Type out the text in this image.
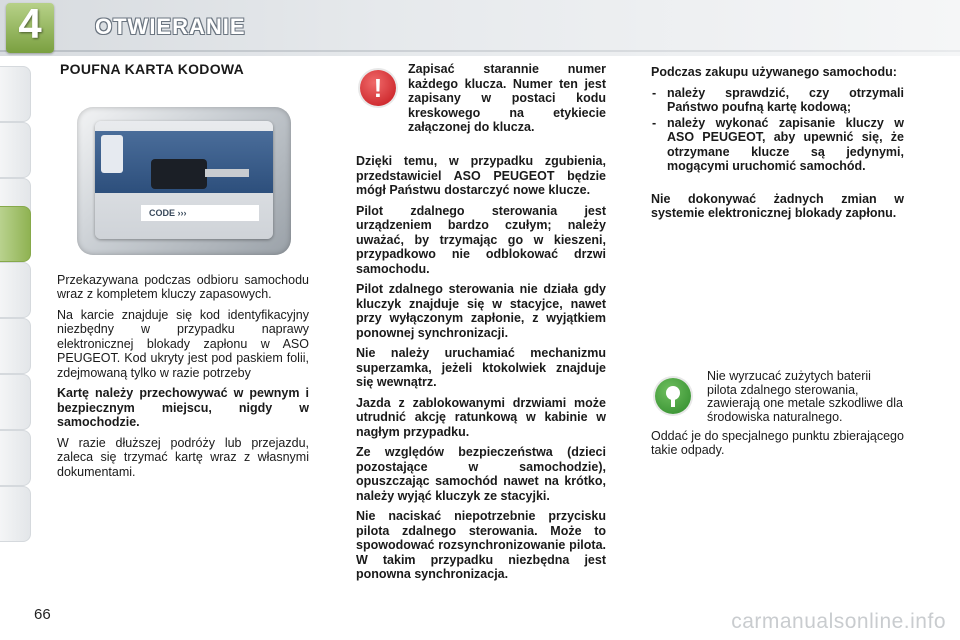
4	OTWIERANIE
POUFNA KARTA KODOWA
CODE ›››

Przekazywana podczas odbioru samochodu wraz z kompletem kluczy zapasowych.

Na karcie znajduje się kod identyfikacyjny niezbędny w przypadku naprawy elektronicznej blokady zapłonu w ASO PEUGEOT. Kod ukryty jest pod paskiem folii, zdejmowaną tylko w razie potrzeby

Kartę należy przechowywać w pewnym i bezpiecznym miejscu, nigdy w samochodzie.

W razie dłuższej podróży lub przejazdu, zaleca się trzymać kartę wraz z własnymi dokumentami.

!
Zapisać starannie numer każdego klucza. Numer ten jest zapisany w postaci kodu kreskowego na etykiecie załączonej do klucza.

Dzięki temu, w przypadku zgubienia, przedstawiciel ASO PEUGEOT będzie mógł Państwu dostarczyć nowe klucze.

Pilot zdalnego sterowania jest urządzeniem bardzo czułym; należy uważać, by trzymając go w kieszeni, przypadkowo nie odblokować drzwi samochodu.

Pilot zdalnego sterowania nie działa gdy kluczyk znajduje się w stacyjce, nawet przy wyłączonym zapłonie, z wyjątkiem ponownej synchronizacji.

Nie należy uruchamiać mechanizmu superzamka, jeżeli ktokolwiek znajduje się wewnątrz.

Jazda z zablokowanymi drzwiami może utrudnić akcję ratunkową w kabinie w nagłym przypadku.

Ze względów bezpieczeństwa (dzieci pozostające w samochodzie), opuszczając samochód nawet na krótko, należy wyjąć kluczyk ze stacyjki.

Nie naciskać niepotrzebnie przycisku pilota zdalnego sterowania. Może to spowodować rozsynchronizowanie pilota. W takim przypadku niezbędna jest ponowna synchronizacja.

Podczas zakupu używanego samochodu:

- należy sprawdzić, czy otrzymali Państwo poufną kartę kodową;
- należy wykonać zapisanie kluczy w ASO PEUGEOT, aby upewnić się, że otrzymane klucze są jedynymi, mogącymi uruchomić samochód.

Nie dokonywać żadnych zmian w systemie elektronicznej blokady zapłonu.

Nie wyrzucać zużytych baterii pilota zdalnego sterowania, zawierają one metale szkodliwe dla środowiska naturalnego.
Oddać je do specjalnego punktu zbierającego takie odpady.
66	carmanualsonline.info
